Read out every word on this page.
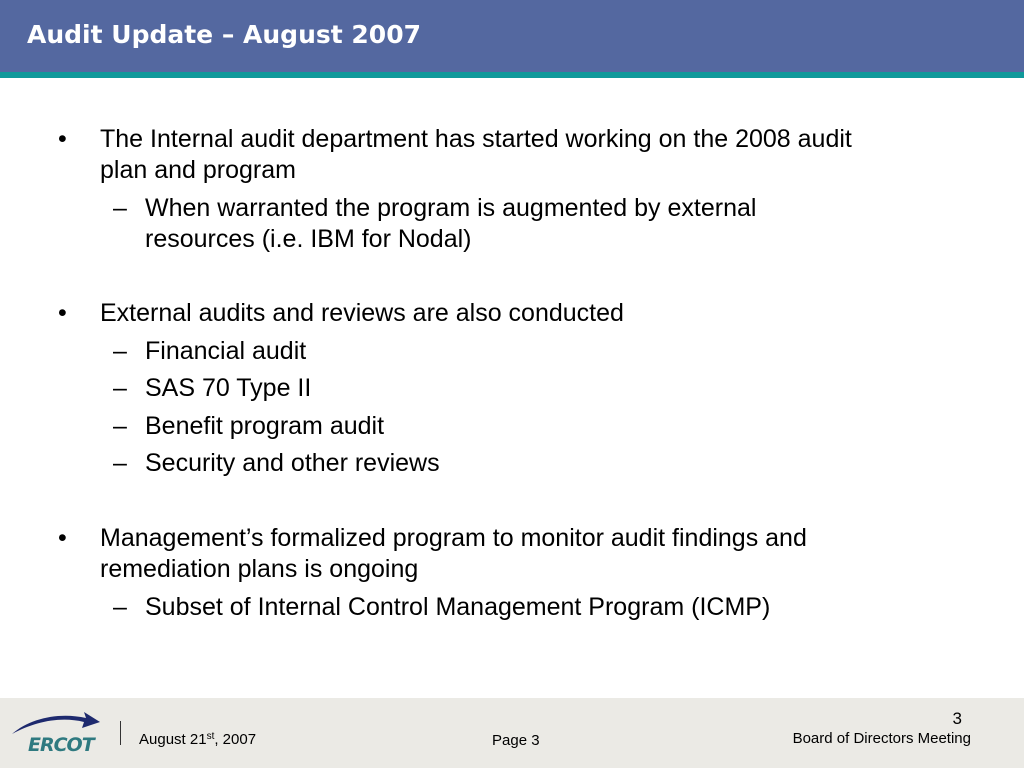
Audit Update – August 2007
• The Internal audit department has started working on the 2008 audit
plan and program
– When warranted the program is augmented by external
resources (i.e. IBM for Nodal)
• External audits and reviews are also conducted
– Financial audit
– SAS 70 Type II
– Benefit program audit
– Security and other reviews
• Management’s formalized program to monitor audit findings and
remediation plans is ongoing
– Subset of Internal Control Management Program (ICMP)
ERCOT	August 21st, 2007	Page 3
3
Board of Directors Meeting
